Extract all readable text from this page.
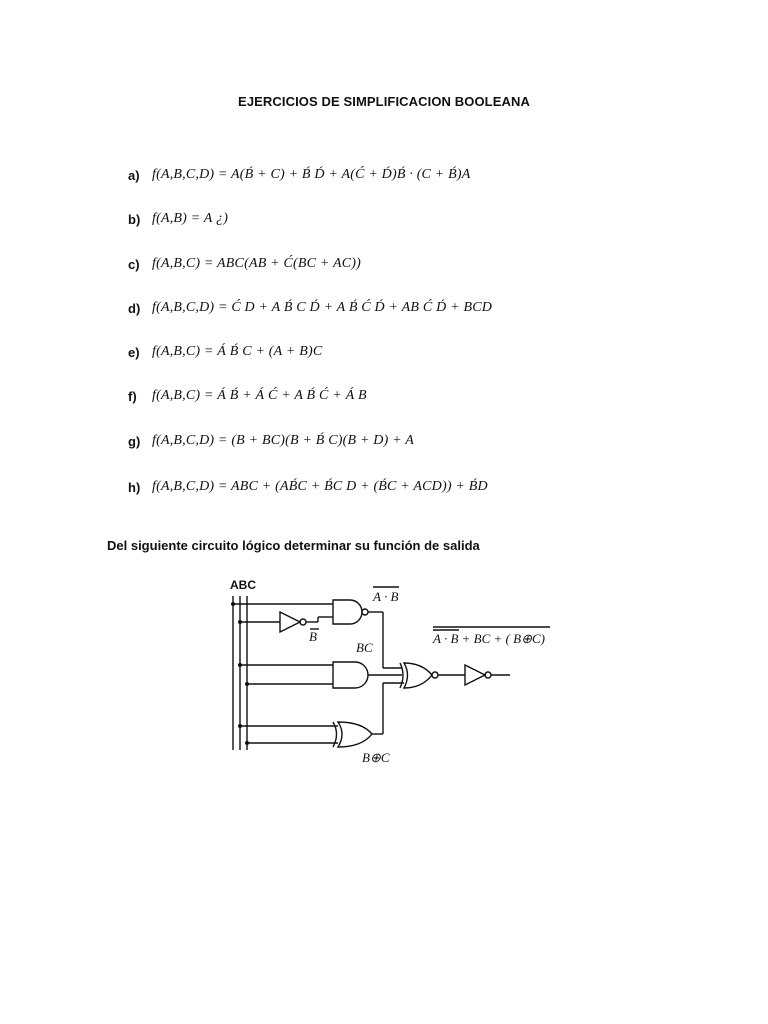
EJERCICIOS DE SIMPLIFICACION BOOLEANA
a) f(A,B,C,D) = A(B́ + C) + B́ D́ + A(Ć + D́)B́ · (C + B́)A
b) f(A,B) = A ¿)
c) f(A,B,C) = ABC(AB + Ć(BC + AC))
d) f(A,B,C,D) = Ć D + A B́ C D́ + A B́ Ć D́ + AB Ć D́ + BCD
e) f(A,B,C) = Á B́ C + (A + B)C
f)	f(A,B,C) = Á B́ + Á Ć + A B́ Ć + Á B
g) f(A,B,C,D) = (B + BC)(B + B́ C)(B + D) + A
h) f(A,B,C,D) = ABC + (AB́C + B́C D + (B́C + ACD)) + B́D
Del siguiente circuito lógico determinar su función de salida
ABC
A · B
B
BC
A · B + BC + ( B⊕C)
B⊕C
